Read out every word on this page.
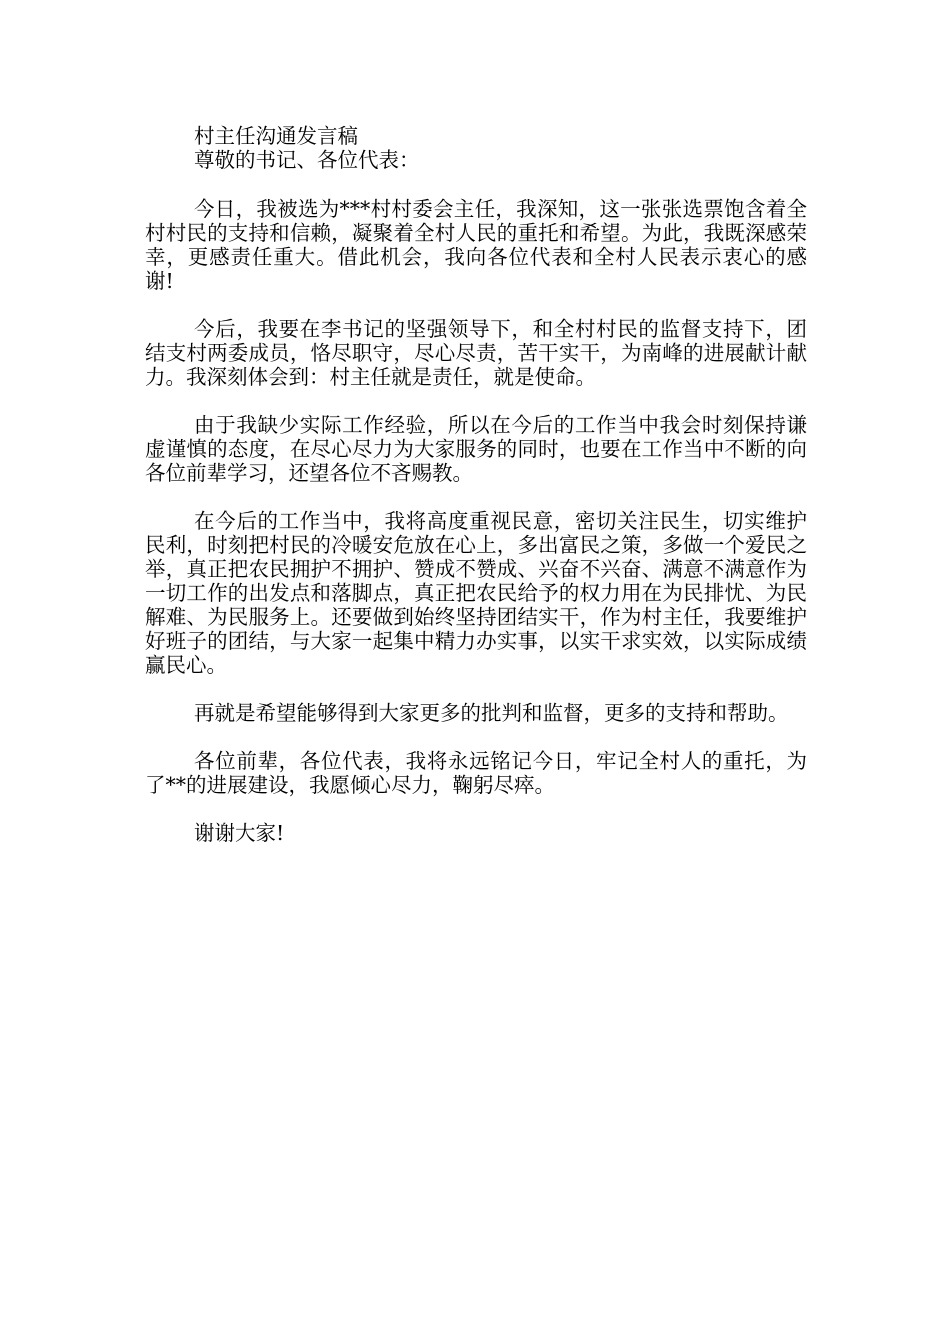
村主任沟通发言稿

尊敬的书记、各位代表：

今日，我被选为***村村委会主任，我深知，这一张张选票饱含着全村村民的支持和信赖，凝聚着全村人民的重托和希望。为此，我既深感荣幸，更感责任重大。借此机会，我向各位代表和全村人民表示衷心的感谢!

今后，我要在李书记的坚强领导下，和全村村民的监督支持下，团结支村两委成员，恪尽职守，尽心尽责，苦干实干，为南峰的进展献计献力。我深刻体会到：村主任就是责任，就是使命。

由于我缺少实际工作经验，所以在今后的工作当中我会时刻保持谦虚谨慎的态度，在尽心尽力为大家服务的同时，也要在工作当中不断的向各位前辈学习，还望各位不吝赐教。

在今后的工作当中，我将高度重视民意，密切关注民生，切实维护民利，时刻把村民的冷暖安危放在心上，多出富民之策，多做一个爱民之举，真正把农民拥护不拥护、赞成不赞成、兴奋不兴奋、满意不满意作为一切工作的出发点和落脚点，真正把农民给予的权力用在为民排忧、为民解难、为民服务上。还要做到始终坚持团结实干，作为村主任，我要维护好班子的团结，与大家一起集中精力办实事，以实干求实效，以实际成绩赢民心。

再就是希望能够得到大家更多的批判和监督，更多的支持和帮助。

各位前辈，各位代表，我将永远铭记今日，牢记全村人的重托，为了**的进展建设，我愿倾心尽力，鞠躬尽瘁。

谢谢大家!
